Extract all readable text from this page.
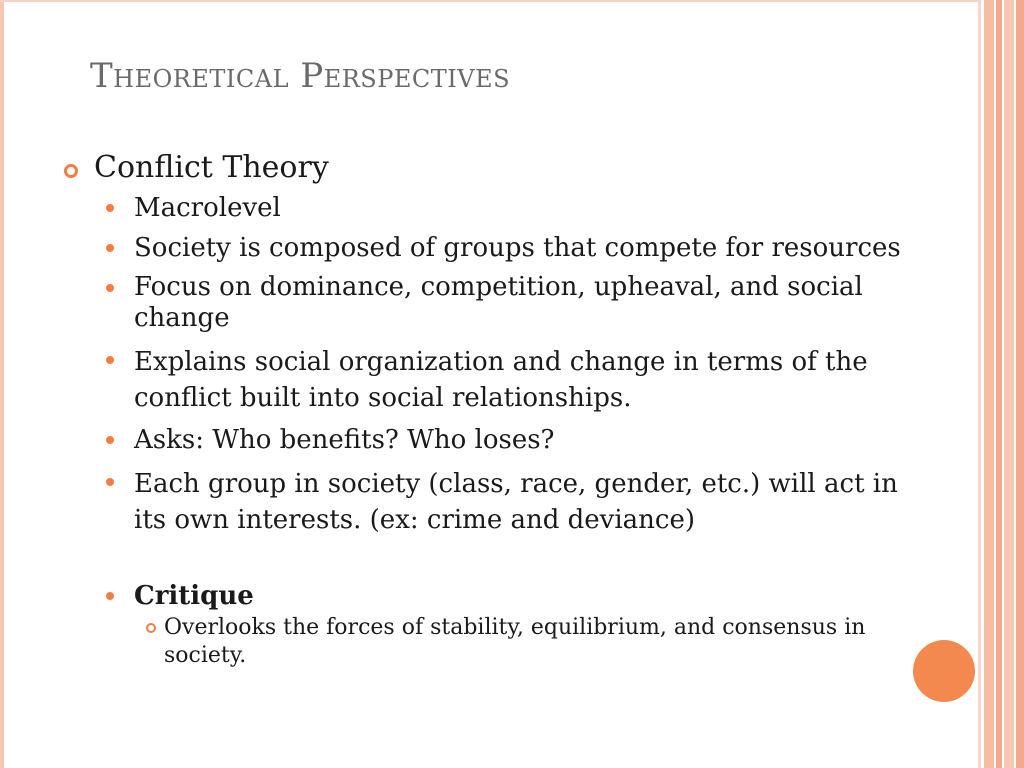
Theoretical Perspectives

Conflict Theory

Macrolevel
Society is composed of groups that compete for resources
Focus on dominance, competition, upheaval, and social change
Explains social organization and change in terms of the conflict built into social relationships.
Asks: Who benefits? Who loses?
Each group in society (class, race, gender, etc.) will act in its own interests. (ex: crime and deviance)
Critique
Overlooks the forces of stability, equilibrium, and consensus in society.
